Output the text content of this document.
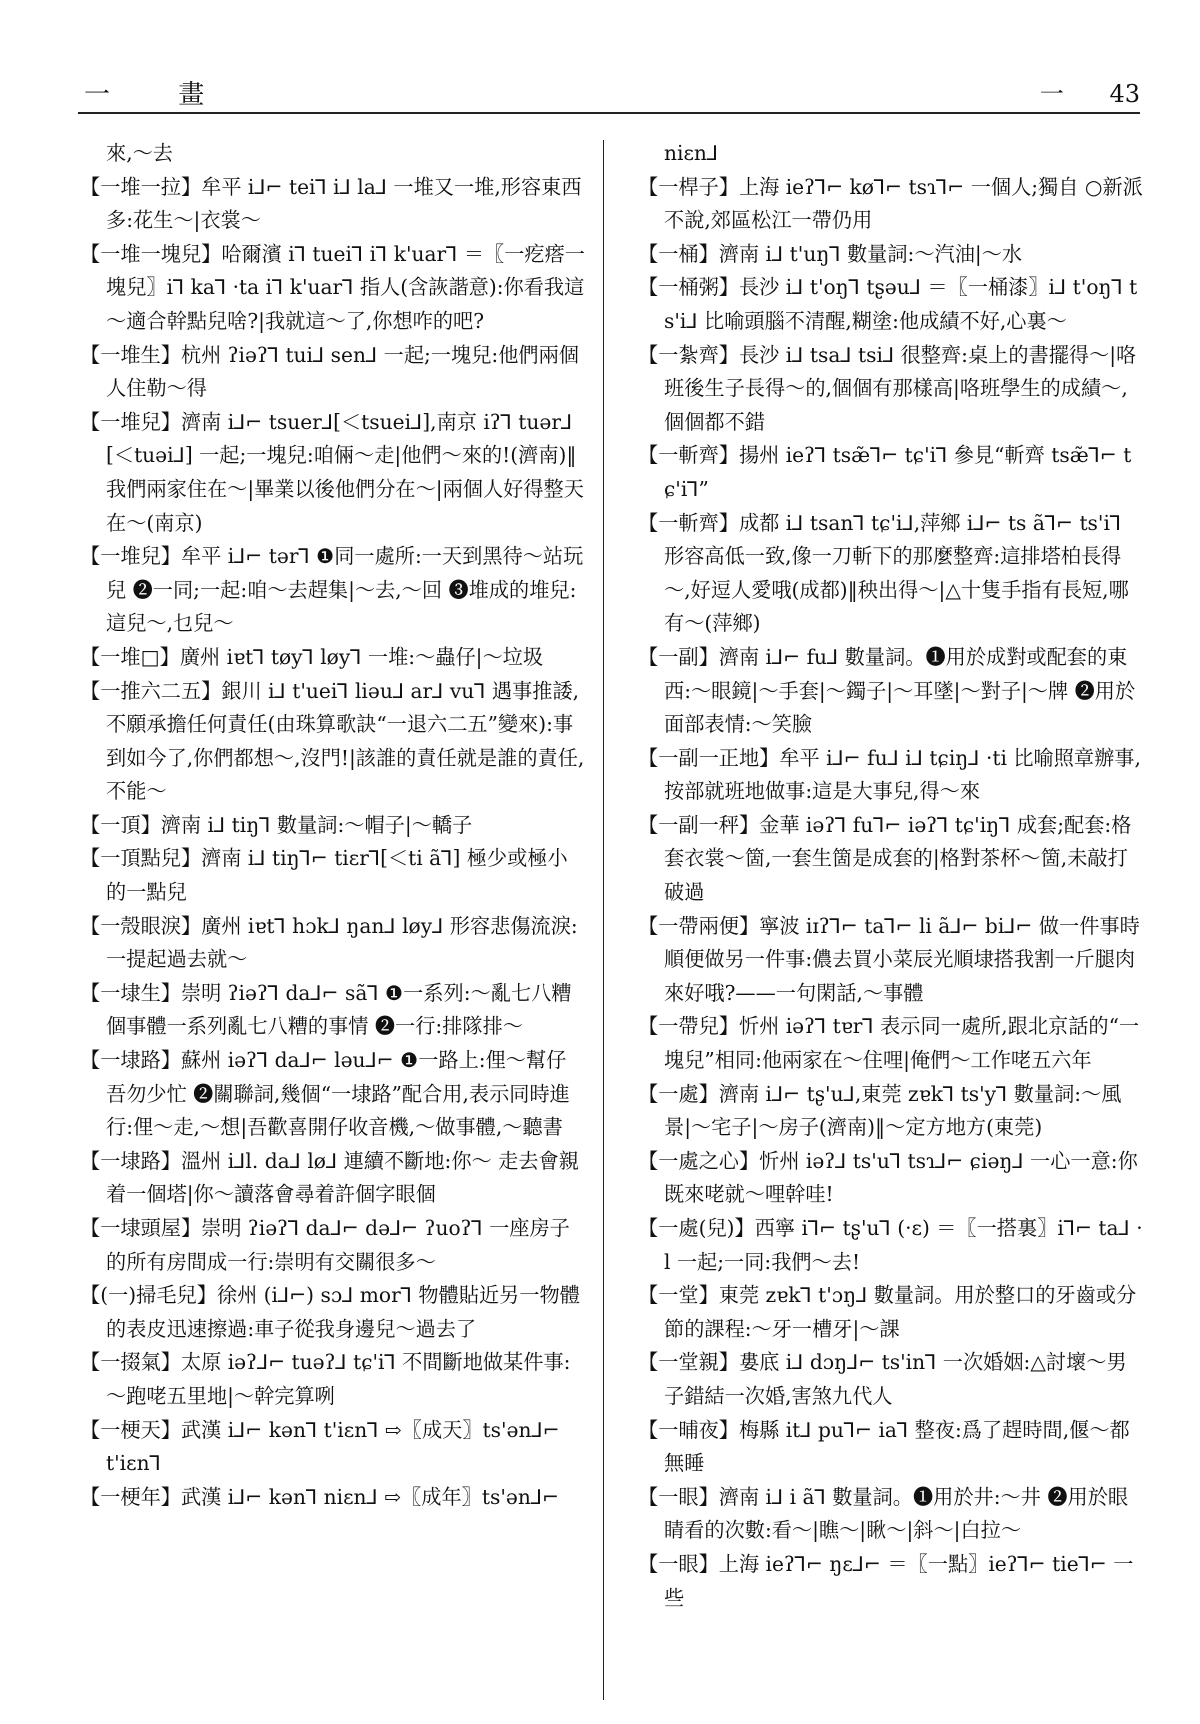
一 畫	一 43

來,～去

【一堆一拉】牟平 i⅃⌐ tei⅂ i⅃ la⅃ 一堆又一堆,形容東西多:花生～|衣裳～

【一堆一塊兒】哈爾濱 i⅂ tuei⅂ i⅂ k'uar⅂ ＝〖一疙瘩一塊兒〗i⅂ ka⅂ ·ta i⅂ k'uar⅂ 指人(含詼諧意):你看我這～適合幹點兒啥?|我就這～了,你想咋的吧?

【一堆生】杭州 ʔiəʔ⅂ tui⅃ sen⅃ 一起;一塊兒:他們兩個人住勒～得

【一堆兒】濟南 i⅃⌐ tsuer⅃[＜tsuei⅃],南京 iʔ⅂ tuər⅃[＜tuəi⅃] 一起;一塊兒:咱倆～走|他們～來的!(濟南)‖我們兩家住在～|畢業以後他們分在～|兩個人好得整天在～(南京)

【一堆兒】牟平 i⅃⌐ tər⅂ ❶同一處所:一天到黑待～站玩兒 ❷一同;一起:咱～去趕集|～去,～回 ❸堆成的堆兒:這兒～,乜兒～

【一堆□】廣州 iɐt⅂ tøy⅂ løy⅂ 一堆:～蟲仔|～垃圾

【一推六二五】銀川 i⅃ t'uei⅂ liəu⅃ ar⅃ vu⅂ 遇事推諉,不願承擔任何責任(由珠算歌訣“一退六二五”變來):事到如今了,你們都想～,沒門!|該誰的責任就是誰的責任,不能～

【一頂】濟南 i⅃ tiŋ⅂ 數量詞:～帽子|～轎子

【一頂點兒】濟南 i⅃ tiŋ⅂⌐ tiɛr⅂[＜ti ã⅂] 極少或極小的一點兒

【一殼眼淚】廣州 iɐt⅂ hɔk⅃ ŋan⅃ løy⅃ 形容悲傷流淚:一提起過去就～

【一埭生】崇明 ʔiəʔ⅂ da⅃⌐ sã⅂ ❶一系列:～亂七八糟個事體一系列亂七八糟的事情 ❷一行:排隊排～

【一埭路】蘇州 iəʔ⅂ da⅃⌐ ləu⅃⌐ ❶一路上:俚～幫仔吾勿少忙 ❷關聯詞,幾個“一埭路”配合用,表示同時進行:俚～走,～想|吾歡喜開仔收音機,～做事體,～聽書

【一埭路】溫州 i⅃l. da⅃ lø⅃ 連續不斷地:你～ 走去會親着一個塔|你～讀落會尋着許個字眼個

【一埭頭屋】崇明 ʔiəʔ⅂ da⅃⌐ də⅃⌐ ʔuoʔ⅂ 一座房子的所有房間成一行:崇明有交關很多～

【(一)掃毛兒】徐州 (i⅃⌐) sɔ⅃ mor⅂ 物體貼近另一物體的表皮迅速擦過:車子從我身邊兒～過去了

【一掇氣】太原 iəʔ⅃⌐ tuəʔ⅃ tɕ'i⅂ 不間斷地做某件事:～跑咾五里地|～幹完算咧

【一梗天】武漢 i⅃⌐ kən⅂ t'iɛn⅂ ⇨〖成天〗ts'ən⅃⌐ t'iɛn⅂

【一梗年】武漢 i⅃⌐ kən⅂ niɛn⅃ ⇨〖成年〗ts'ən⅃⌐

niɛn⅃

【一桿子】上海 ieʔ⅂⌐ kø⅂⌐ tsɿ⅂⌐ 一個人;獨自 ○新派不說,郊區松江一帶仍用

【一桶】濟南 i⅃ t'uŋ⅂ 數量詞:～汽油|～水

【一桶粥】長沙 i⅃ t'oŋ⅂ tʂəu⅃ ＝〖一桶漆〗i⅃ t'oŋ⅂ ts'i⅃ 比喻頭腦不清醒,糊塗:他成績不好,心裏～

【一紮齊】長沙 i⅃ tsa⅃ tsi⅃ 很整齊:桌上的書擺得～|咯班後生子長得～的,個個有那樣高|咯班學生的成績～,個個都不錯

【一斬齊】揚州 ieʔ⅂ tsæ̃⅂⌐ tɕ'i⅂ 參見“斬齊 tsæ̃⅂⌐ tɕ'i⅂”

【一斬齊】成都 i⅃ tsan⅂ tɕ'i⅃,萍鄉 i⅃⌐ ts ã⅂⌐ ts'i⅂ 形容高低一致,像一刀斬下的那麼整齊:這排塔柏長得～,好逗人愛哦(成都)‖秧出得～|△十隻手指有長短,哪有～(萍鄉)

【一副】濟南 i⅃⌐ fu⅃ 數量詞。❶用於成對或配套的東西:～眼鏡|～手套|～鐲子|～耳墜|～對子|～牌 ❷用於面部表情:～笑臉

【一副一正地】牟平 i⅃⌐ fu⅃ i⅃ tɕiŋ⅃ ·ti 比喻照章辦事,按部就班地做事:這是大事兒,得～來

【一副一秤】金華 iəʔ⅂ fu⅂⌐ iəʔ⅂ tɕ'iŋ⅂ 成套;配套:格套衣裳～箇,一套生箇是成套的|格對茶杯～箇,未敲打破過

【一帶兩便】寧波 iɪʔ⅂⌐ ta⅂⌐ li ã⅃⌐ bi⅃⌐ 做一件事時順便做另一件事:儂去買小菜辰光順埭搭我割一斤腿肉來好哦?——一句閑話,～事體

【一帶兒】忻州 iəʔ⅂ tɐr⅂ 表示同一處所,跟北京話的“一塊兒”相同:他兩家在～住哩|俺們～工作咾五六年

【一處】濟南 i⅃⌐ tʂ'u⅃,東莞 zɐk⅂ ts'y⅂ 數量詞:～風景|～宅子|～房子(濟南)‖～定方地方(東莞)

【一處之心】忻州 iəʔ⅃ ts'u⅂ tsɿ⅃⌐ ɕiəŋ⅃ 一心一意:你既來咾就～哩幹哇!

【一處(兒)】西寧 i⅂⌐ tʂ'u⅂ (·ɛ) ＝〖一搭裏〗i⅂⌐ ta⅃ ·l 一起;一同:我們～去!

【一堂】東莞 zɐk⅂ t'ɔŋ⅃ 數量詞。用於整口的牙齒或分節的課程:～牙一槽牙|～課

【一堂親】婁底 i⅃ dɔŋ⅃⌐ ts'in⅂ 一次婚姻:△討壞～男子錯結一次婚,害煞九代人

【一晡夜】梅縣 it⅃ pu⅂⌐ ia⅂ 整夜:爲了趕時間,偃～都無睡

【一眼】濟南 i⅃ i ã⅂ 數量詞。❶用於井:～井 ❷用於眼睛看的次數:看～|瞧～|瞅～|斜～|白拉～

【一眼】上海 ieʔ⅂⌐ ŋɛ⅃⌐ ＝〖一點〗ieʔ⅂⌐ tie⅂⌐ 一些
